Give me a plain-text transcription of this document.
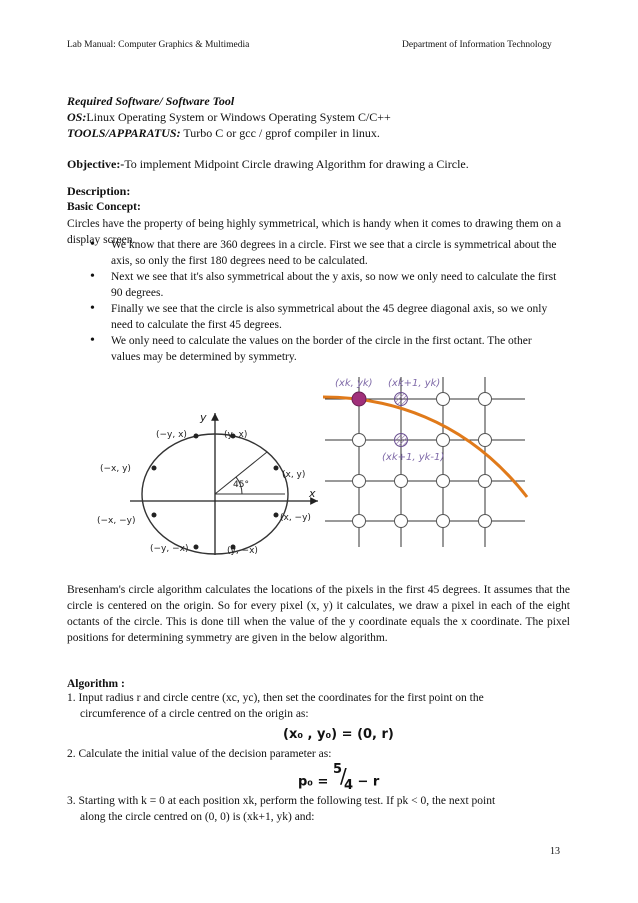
Lab Manual: Computer Graphics & Multimedia	Department of Information Technology
Required Software/ Software Tool
OS:Linux Operating System or Windows Operating System C/C++
TOOLS/APPARATUS: Turbo C or gcc / gprof compiler in linux.
Objective:-To implement Midpoint Circle drawing Algorithm for drawing a Circle.
Description:
Basic Concept:
Circles have the property of being highly symmetrical, which is handy when it comes to drawing them on a display screen.
• We know that there are 360 degrees in a circle. First we see that a circle is symmetrical about the axis, so only the first 180 degrees need to be calculated.
• Next we see that it's also symmetrical about the y axis, so now we only need to calculate the first 90 degrees.
• Finally we see that the circle is also symmetrical about the 45 degree diagonal axis, so we only need to calculate the first 45 degrees.
• We only need to calculate the values on the border of the circle in the first octant. The other values may be determined by symmetry.
x
y
45°
(−y, x)	(y, x)
(−x, y)
(x, y)
(−x, −y)	(x, −y)
(−y, −x)	(y, −x)
(xk, yk) (xk+1, yk)
(xk+1, yk-1)
Bresenham's circle algorithm calculates the locations of the pixels in the first 45 degrees. It assumes that the circle is centered on the origin. So for every pixel (x, y) it calculates, we draw a pixel in each of the eight octants of the circle. This is done till when the value of the y coordinate equals the x coordinate. The pixel positions for determining symmetry are given in the below algorithm.
Algorithm :
1. Input radius r and circle centre (xc, yc), then set the coordinates for the first point on the
circumference of a circle centred on the origin as:
(x₀ , y₀) = (0, r)
2. Calculate the initial value of the decision parameter as:
p₀ =
5
/
4 − r
3. Starting with k = 0 at each position xk, perform the following test. If pk < 0, the next point
along the circle centred on (0, 0) is (xk+1, yk) and:
13
